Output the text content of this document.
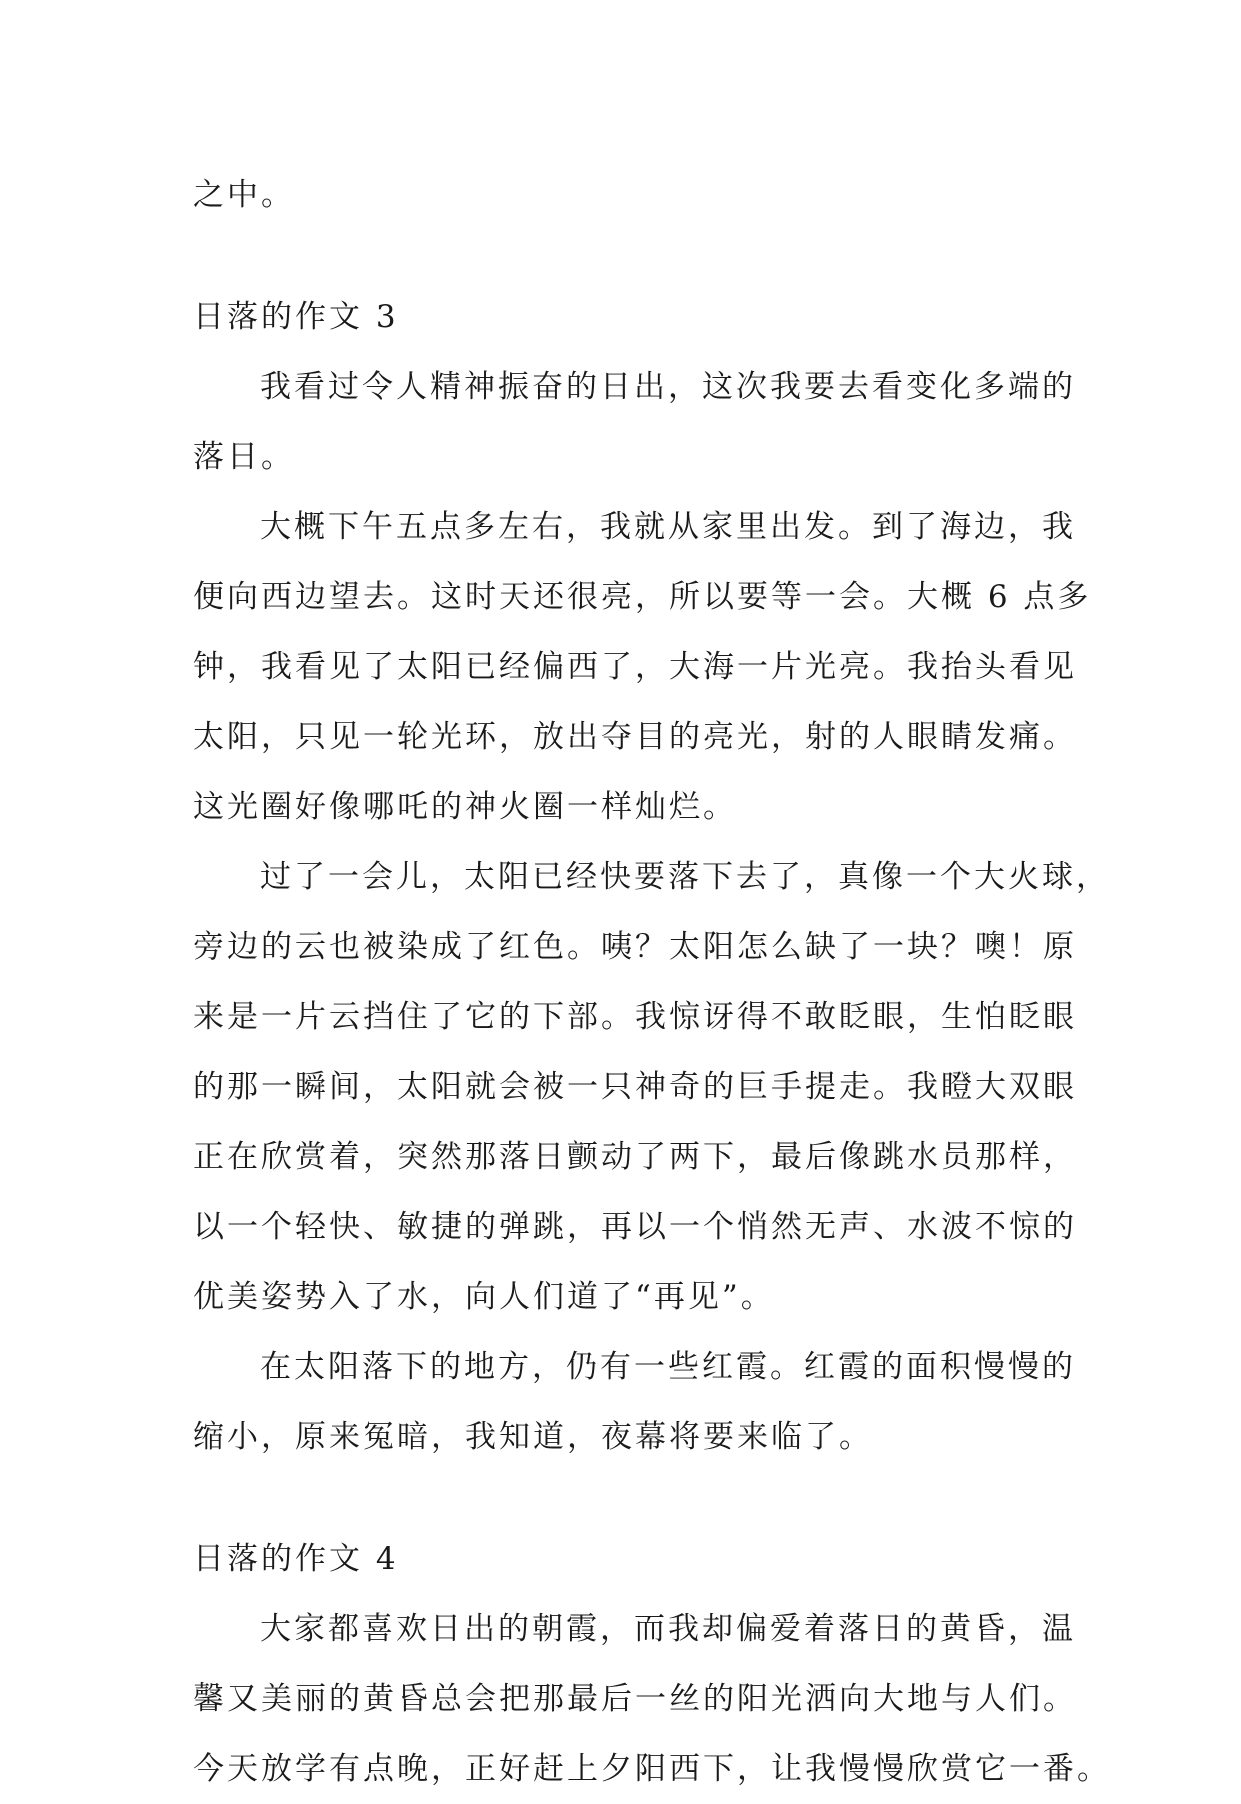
之中。
日落的作文 3
我看过令人精神振奋的日出，这次我要去看变化多端的
落日。
大概下午五点多左右，我就从家里出发。到了海边，我
便向西边望去。这时天还很亮，所以要等一会。大概 6 点多
钟，我看见了太阳已经偏西了，大海一片光亮。我抬头看见
太阳，只见一轮光环，放出夺目的亮光，射的人眼睛发痛。
这光圈好像哪吒的神火圈一样灿烂。
过了一会儿，太阳已经快要落下去了，真像一个大火球，
旁边的云也被染成了红色。咦？太阳怎么缺了一块？噢！原
来是一片云挡住了它的下部。我惊讶得不敢眨眼，生怕眨眼
的那一瞬间，太阳就会被一只神奇的巨手提走。我瞪大双眼
正在欣赏着，突然那落日颤动了两下，最后像跳水员那样，
以一个轻快、敏捷的弹跳，再以一个悄然无声、水波不惊的
优美姿势入了水，向人们道了“再见”。
在太阳落下的地方，仍有一些红霞。红霞的面积慢慢的
缩小，原来冤暗，我知道，夜幕将要来临了。
日落的作文 4
大家都喜欢日出的朝霞，而我却偏爱着落日的黄昏，温
馨又美丽的黄昏总会把那最后一丝的阳光洒向大地与人们。
今天放学有点晚，正好赶上夕阳西下，让我慢慢欣赏它一番。
